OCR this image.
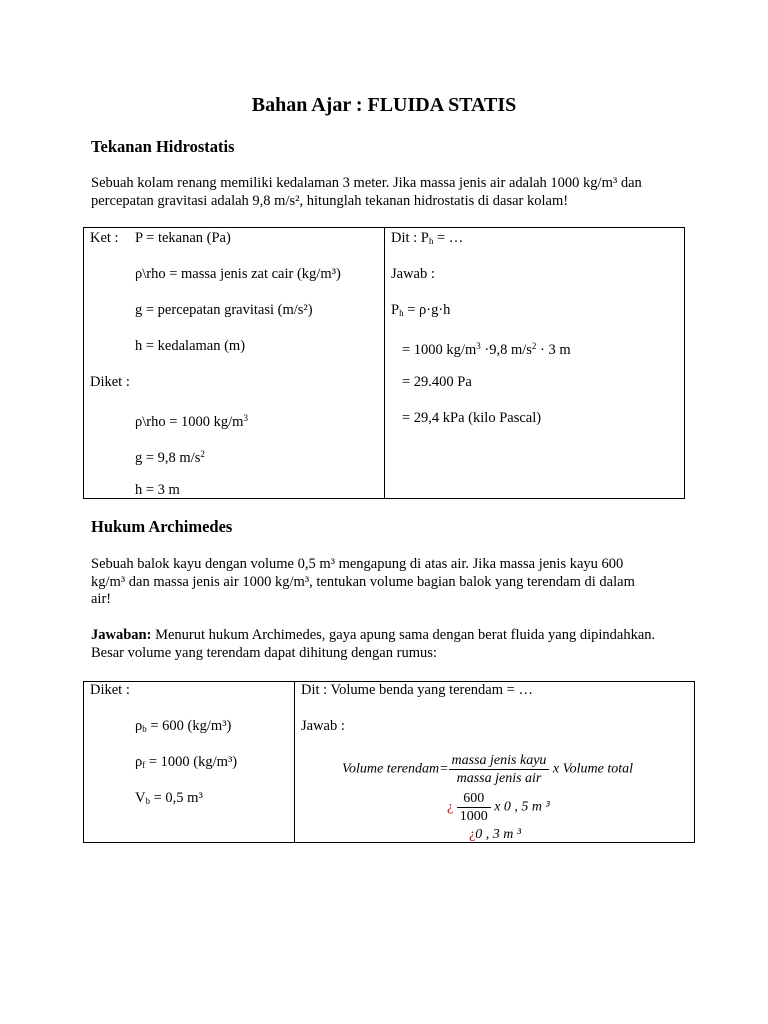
Bahan Ajar : FLUIDA STATIS
Tekanan Hidrostatis
Sebuah kolam renang memiliki kedalaman 3 meter. Jika massa jenis air adalah 1000 kg/m³ dan
percepatan gravitasi adalah 9,8 m/s², hitunglah tekanan hidrostatis di dasar kolam!
Ket : P = tekanan (Pa)
ρ\rho = massa jenis zat cair (kg/m³)
g = percepatan gravitasi (m/s²)
h = kedalaman (m)
Diket :
ρ\rho = 1000 $kg/m^3$
g = 9,8 $m/s^2$
h = 3 m

Dit : $P_h$ = …
Jawab :
$P_h = \rho\cdot g\cdot h$
= 1000 $kg/m^3 \cdot 9,8$ $m/s^2 \cdot 3$ m
= 29.400 Pa
= 29,4 kPa (kilo Pascal)
Hukum Archimedes
Sebuah balok kayu dengan volume 0,5 m³ mengapung di atas air. Jika massa jenis kayu 600
kg/m³ dan massa jenis air 1000 kg/m³, tentukan volume bagian balok yang terendam di dalam
air!
Jawaban: Menurut hukum Archimedes, gaya apung sama dengan berat fluida yang dipindahkan.
Besar volume yang terendam dapat dihitung dengan rumus:
Diket :
$\rho_b = 600$ (kg/m³)
$\rho_f = 1000$ (kg/m³)
$V_b = 0,5$ m³

Dit : Volume benda yang terendam = …
Jawab :
Volume terendam= $\frac{\text{massa jenis kayu}}{\text{massa jenis air}}$ x Volume total
¿ $\frac{600}{1000}$ x 0 , 5 m ³
¿0 , 3 m ³
